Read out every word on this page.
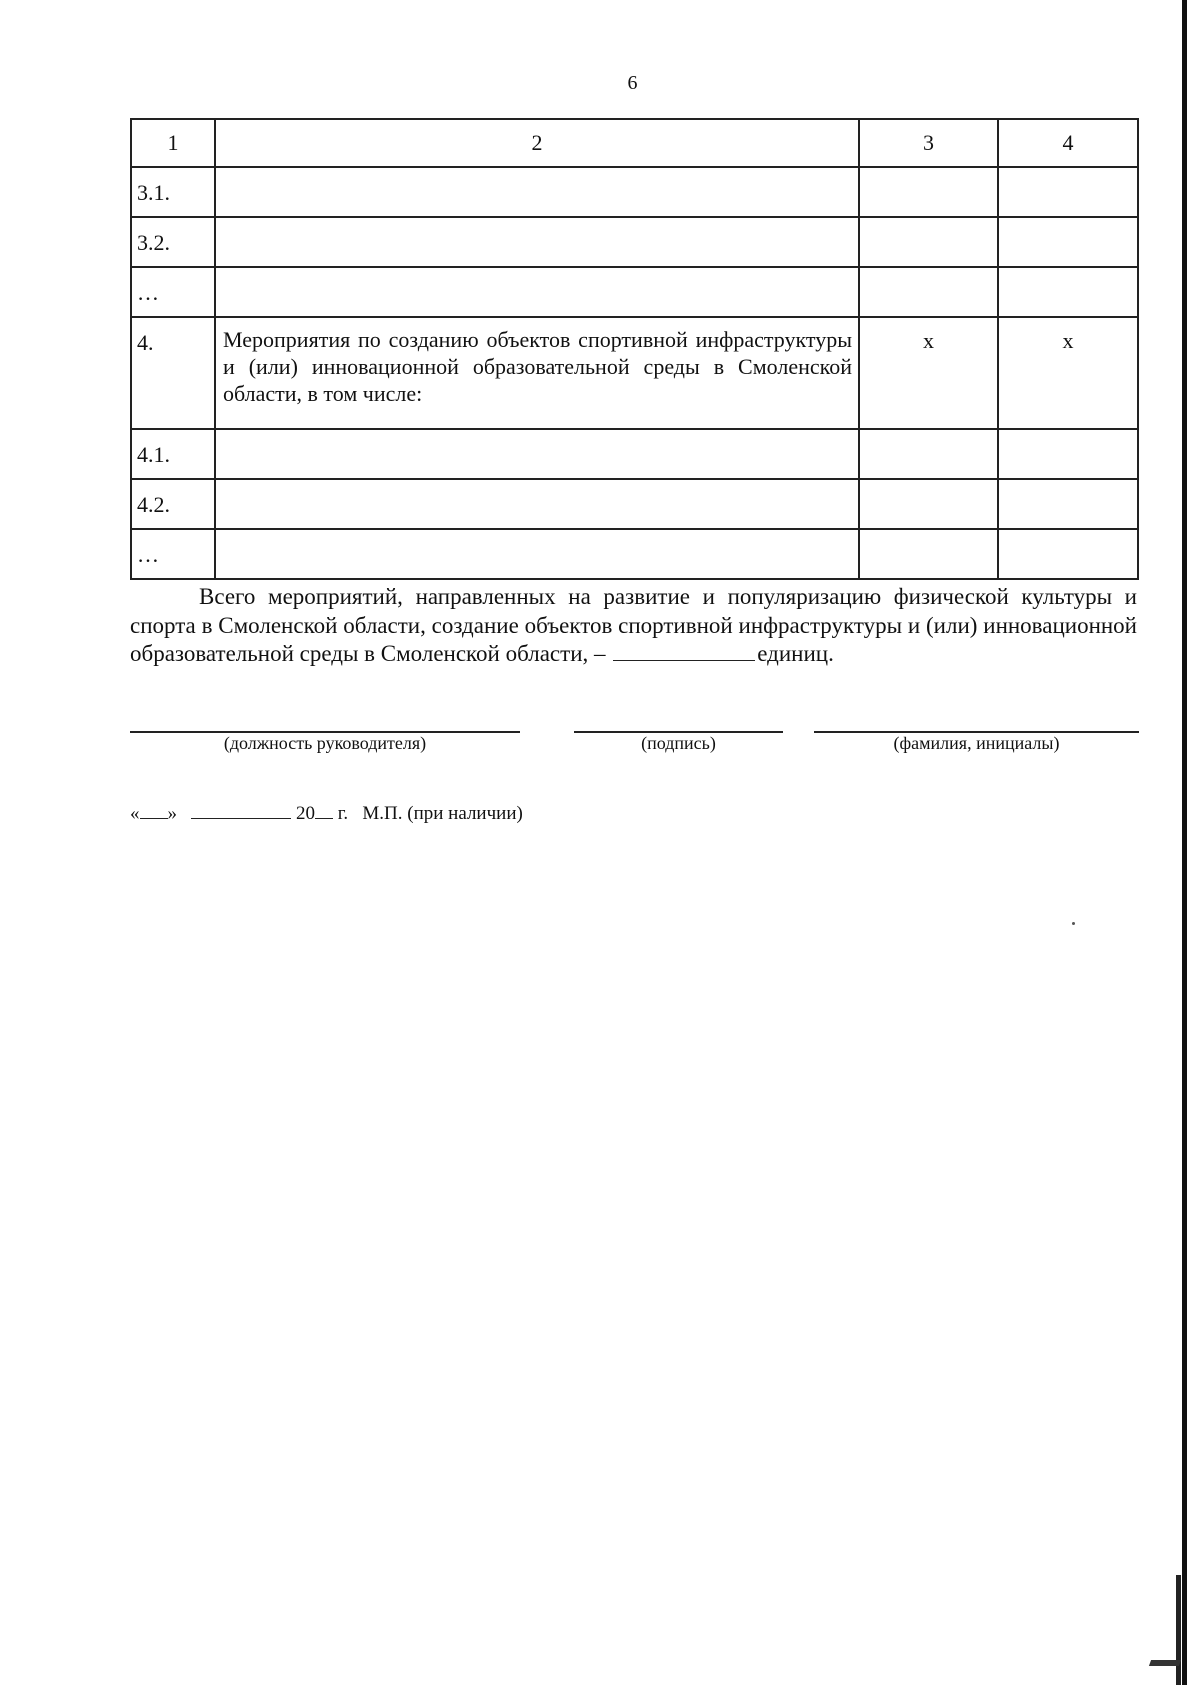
6
1	2	3	4
3.1.			
3.2.			
…			
4.	Мероприятия по созданию объектов спортивной инфраструктуры и (или) инновационной образовательной среды в Смоленской области, в том числе:	х	х
4.1.			
4.2.			
…			

Всего мероприятий, направленных на развитие и популяризацию физической культуры и спорта в Смоленской области, создание объектов спортивной инфраструктуры и (или) инновационной образовательной среды в Смоленской области, –	единиц.

(должность руководителя)	(подпись)	(фамилия, инициалы)
« »	20 г. М.П. (при наличии)
